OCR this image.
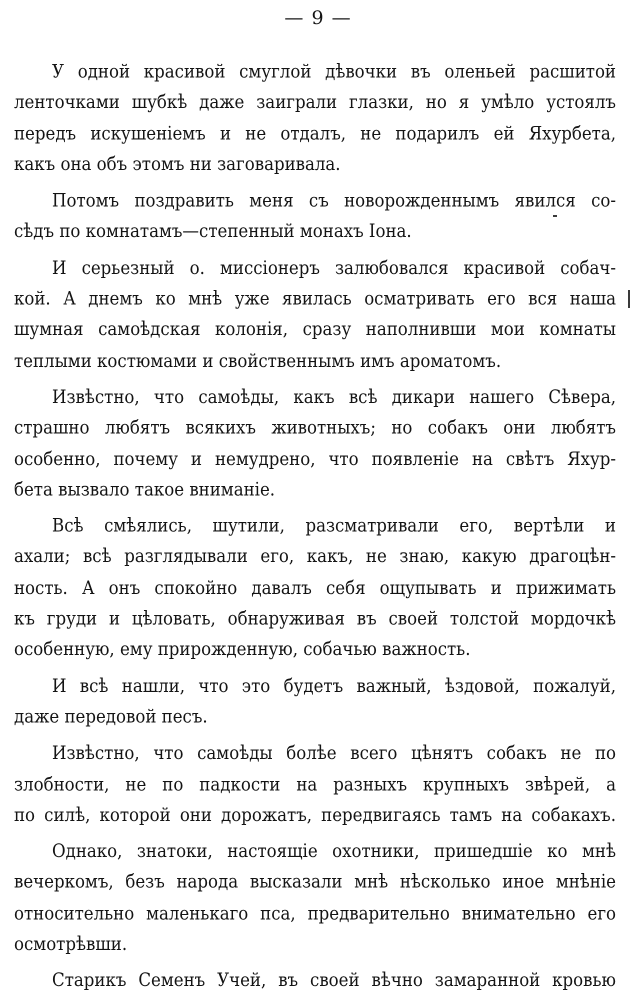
— 9 —
У одной красивой смуглой дѣвочки въ оленьей расшитой
ленточками шубкѣ даже заиграли глазки, но я умѣло устоялъ
передъ искушеніемъ и не отдалъ, не подарилъ ей Яхурбета,
какъ она объ этомъ ни заговаривала.
Потомъ поздравить меня съ новорожденнымъ явился со-
сѣдъ по комнатамъ—степенный монахъ Іона.
И серьезный о. миссіонеръ залюбовался красивой собач-
кой. А днемъ ко мнѣ уже явилась осматривать его вся наша
шумная самоѣдская колонія, сразу наполнивши мои комнаты
теплыми костюмами и свойственнымъ имъ ароматомъ.
Извѣстно, что самоѣды, какъ всѣ дикари нашего Сѣвера,
страшно любятъ всякихъ животныхъ; но собакъ они любятъ
особенно, почему и немудрено, что появленіе на свѣтъ Яхур-
бета вызвало такое вниманіе.
Всѣ смѣялись, шутили, разсматривали его, вертѣли и
ахали; всѣ разглядывали его, какъ, не знаю, какую драгоцѣн-
ность. А онъ спокойно давалъ себя ощупывать и прижимать
къ груди и цѣловать, обнаруживая въ своей толстой мордочкѣ
особенную, ему прирожденную, собачью важность.
И всѣ нашли, что это будетъ важный, ѣздовой, пожалуй,
даже передовой песъ.
Извѣстно, что самоѣды болѣе всего цѣнятъ собакъ не по
злобности, не по падкости на разныхъ крупныхъ звѣрей, а
по силѣ, которой они дорожатъ, передвигаясь тамъ на собакахъ.
Однако, знатоки, настоящіе охотники, пришедшіе ко мнѣ
вечеркомъ, безъ народа высказали мнѣ нѣсколько иное мнѣніе
относительно маленькаго пса, предварительно внимательно его
осмотрѣвши.
Старикъ Семенъ Учей, въ своей вѣчно замаранной кровью
